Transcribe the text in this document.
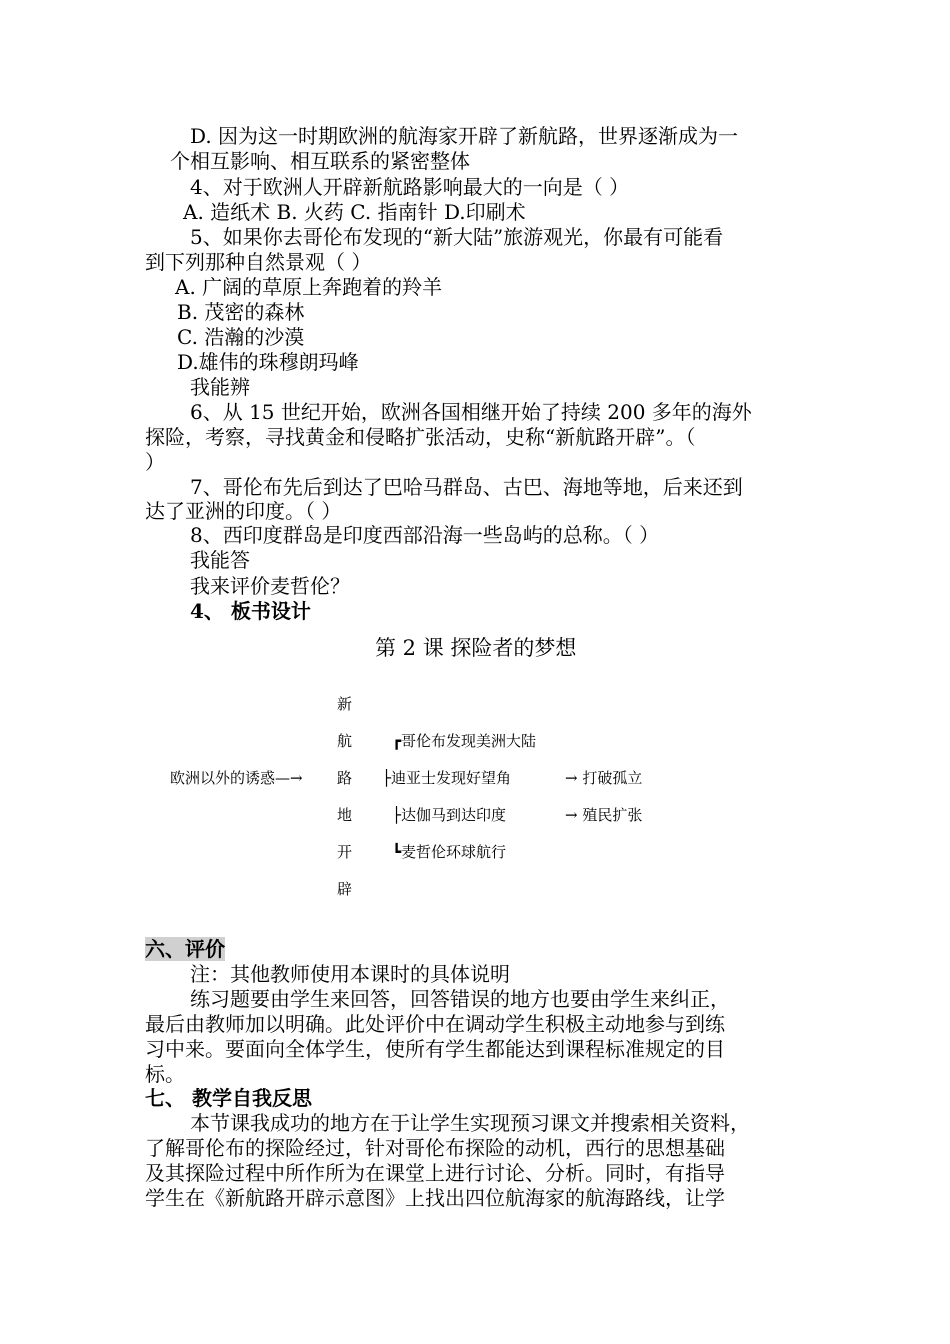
D. 因为这一时期欧洲的航海家开辟了新航路，世界逐渐成为一
个相互影响、相互联系的紧密整体
4、对于欧洲人开辟新航路影响最大的一向是（ ）
A. 造纸术 B. 火药 C. 指南针 D.印刷术
5、如果你去哥伦布发现的“新大陆”旅游观光，你最有可能看
到下列那种自然景观（ ）
A. 广阔的草原上奔跑着的羚羊
B. 茂密的森林
C. 浩瀚的沙漠
D.雄伟的珠穆朗玛峰
我能辨
6、从 15 世纪开始，欧洲各国相继开始了持续 200 多年的海外
探险，考察，寻找黄金和侵略扩张活动，史称“新航路开辟”。（
）
7、哥伦布先后到达了巴哈马群岛、古巴、海地等地，后来还到
达了亚洲的印度。（ ）
8、西印度群岛是印度西部沿海一些岛屿的总称。（ ）
我能答
我来评价麦哲伦？
4、 板书设计
第 2 课 探险者的梦想
新
航
路
地
开
辟
欧洲以外的诱惑—→
┏哥伦布发现美洲大陆
├迪亚士发现好望角
├达伽马到达印度
┗麦哲伦环球航行
→ 打破孤立
→ 殖民扩张
六、评价
注：其他教师使用本课时的具体说明
练习题要由学生来回答，回答错误的地方也要由学生来纠正，
最后由教师加以明确。此处评价中在调动学生积极主动地参与到练
习中来。要面向全体学生，使所有学生都能达到课程标准规定的目
标。
七、 教学自我反思
本节课我成功的地方在于让学生实现预习课文并搜索相关资料，
了解哥伦布的探险经过，针对哥伦布探险的动机，西行的思想基础
及其探险过程中所作所为在课堂上进行讨论、分析。同时，有指导
学生在《新航路开辟示意图》上找出四位航海家的航海路线，让学
